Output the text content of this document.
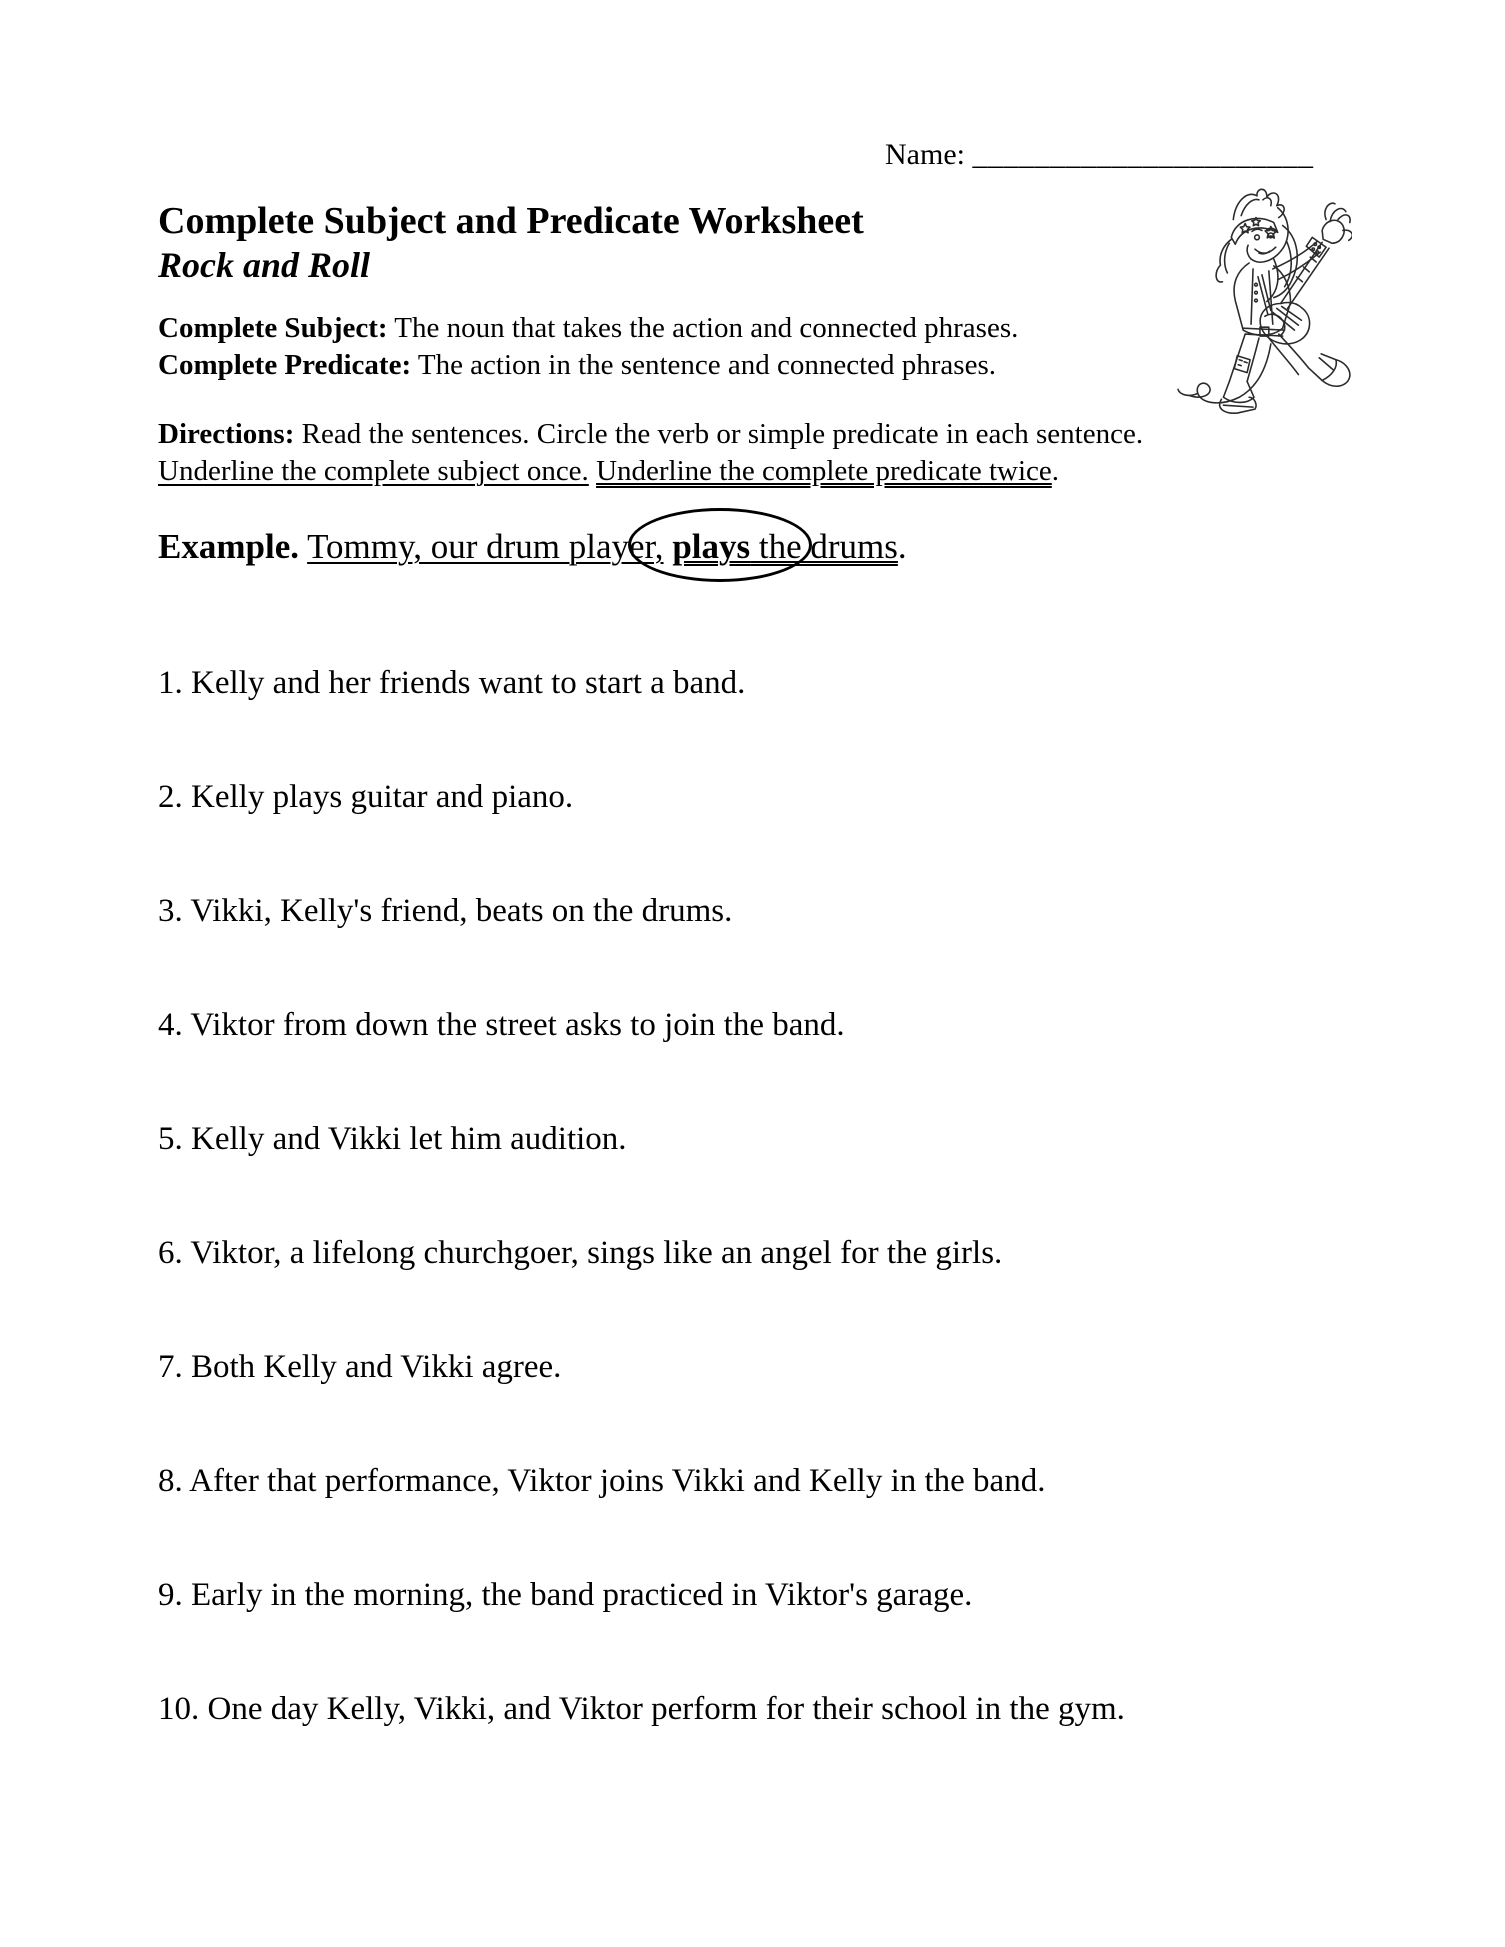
Name: ______________________
Complete Subject and Predicate Worksheet
Rock and Roll

Complete Subject: The noun that takes the action and connected phrases.
Complete Predicate: The action in the sentence and connected phrases.

Directions: Read the sentences. Circle the verb or simple predicate in each sentence.
Underline the complete subject once. Underline the complete predicate twice.

Example. Tommy, our drum player, plays the drums.

1. Kelly and her friends want to start a band.

2. Kelly plays guitar and piano.

3. Vikki, Kelly's friend, beats on the drums.

4. Viktor from down the street asks to join the band.

5. Kelly and Vikki let him audition.

6. Viktor, a lifelong churchgoer, sings like an angel for the girls.

7. Both Kelly and Vikki agree.

8. After that performance, Viktor joins Vikki and Kelly in the band.

9. Early in the morning, the band practiced in Viktor's garage.

10. One day Kelly, Vikki, and Viktor perform for their school in the gym.
